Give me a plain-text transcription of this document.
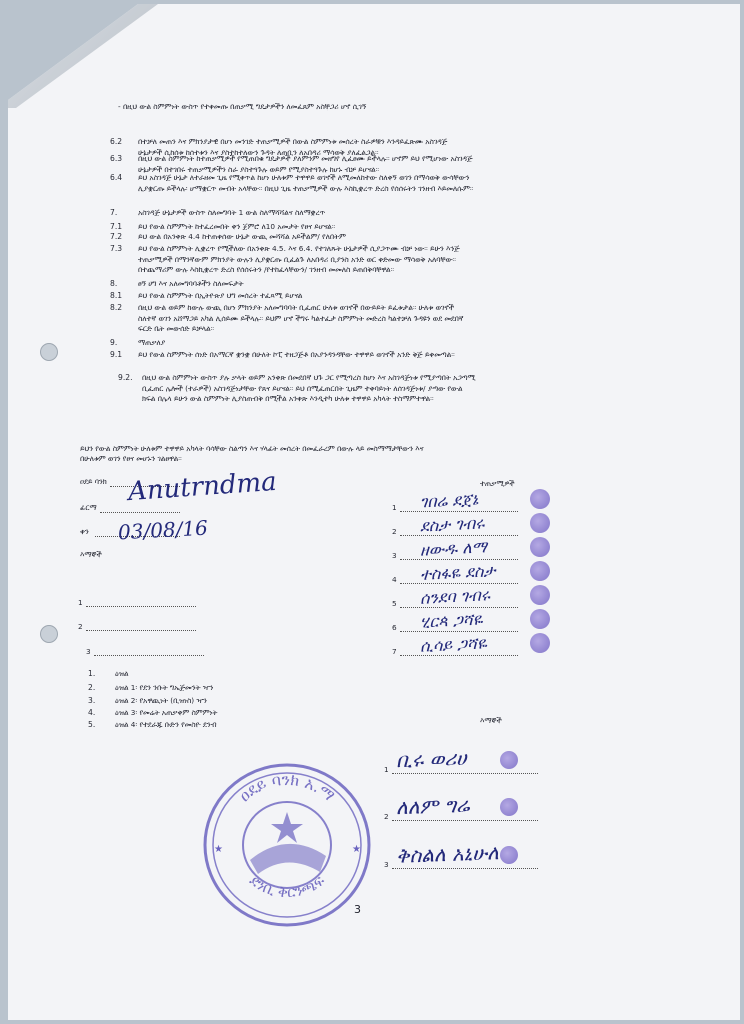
- በዚህ ውል ስምምነት ውስጥ የተቀመጡ በጠቃሚ ግዴታዎችን ለመፈጸም አስቸጋሪ ሆኖ ሲገኝ
6.2 በተቻለ መጠን እና ምክንያታዊ በሆነ መንገድ ተጠቃሚዎች በውል ስምምነቱ መሰረት ስራዎቹን እንዳይፈጽሙ አስገዳጅ
ሁኔታዎች ሲከሰቱ ከሰተቱን እና ያስተከተለውን ጉዳት ለጠቢን ለአበዳሪ ማሳወቅ ያለፈልጋል።
6.3 በዚህ ውል ስምምነት ከተጠቃሚዎች የሚጠበቁ ግዴታዎች ያለምንም መዘግየ ሊፈፀሙ ይችላሉ። ሆኖም ይህ የሚሆነው አስገዳጅ
ሁኔታዎች በተገበሩ ተጠቃሚዎችን ስራ ያስተጓጉሉ ወይም የሚያስተጓጉሉ ከሆኑ ብቻ ይሆናል።
6.4 ይህ አስገዳጅ ሁኔታ ለተራዘመ ጊዜ የሚቀጥል ከሆነ ሁለቱም ተዋዋይ ወገኖች ለሚመለከተው ስለቀኝ ወገን በማሳወቅ ውሳቸውን
ሊያቋርጡ ይችላሉ፡ ሆማቋርጥ መብት አላቸው። በዚህ ጊዜ ተጠቃሚዎች ውሉ እስኪቋረጥ ድረስ የሰሰሩትን ገንዘብ እይመለሱም።
7.	አስገዳጅ ሁኔታዎች ውስጥ ስለመግባት 1 ውል ስለማሻሻልና ስለማቋረጥ
7.1 ይህ የውል ስምምነት ከተፈረመበት ቀን ጀምሮ ለ10 አመታት የፀና ይሆናል።
7.2 ይህ ውል በአንቀጽ 4.4 ከተጠቀሰው ሁኔታ ውጪ መሻሻል አይችልም/ የለበትም
7.3 ይህ የውል ስምምነት ሊቋረጥ የሚችለው በአንቀጽ 4.5. እና 6.4. የተገለጹት ሁኔታዎች ሲያጋጥሙ ብቻ ነው። ይሁን እንጅ
ተጠቃሚዎች በማንኛውም ምክንያት ውሉን ሊያቋርጡ ቢፈልጉ ለአበዳሪ ቢያንስ አንድ ወር ቀድመው ማሳወቅ አለባቸው።
በተጨማሪም ውሉ እስኪቋረጥ ድረስ የሰሰሩትን /የተከፈላቸውን/ ገንዘብ መመለስ ይጠበቅባቸዋል።
8.	ፀኝ ሀግ እና አለመግባባቶችን ስለመፍታት
8.1 ይህ የውል ስምምነት በኢትዮጵያ ህግ መሰረት ተፈጻሚ ይሆናል
8.2 በዚህ ውል ወይም ከውሉ ውጪ በሆነ ምክንያት አለመግባባት ቢፈጠር ሁለቱ ወገኖች በውይይት ይፈቱታል። ሁለቱ ወገኖች
ስለተኛ ወገን አሸማጋይ አካል ሊሰይሙ ይችላሉ። ይህም ሆኖ ችግሩ ካልተፈታ ስምምነት መድረስ ካልተቻለ ጉዳዩን ወደ መደበኛ
ፍርድ ቤት መውሰድ ይቻላል።
9.	ማጠቃለያ
9.1 ይህ የውል ስምምነት ሰነድ በአማርኛ ቋንቋ በሁለት ኮፒ ተዘጋጅቶ በአያንዳንዳቸው ተዋዋይ ወገኖች አንድ ቅጅ ይቀመጣል።
9.2. በዚህ ውል ስምምነት ውስጥ ያሉ ቃላት ወይም አንቀጽ በመደበኛ ህጉ ጋር የሚጣረስ ከሆነ እና አስገዳጅነቱ የሚያጣበት አጋጣሚ
ቢፈጠር ሌሎች (ተራዎች) አስገዳጅነታቸው የጸና ይሆናል። ይህ በሚፈጠርበት ጊዜም ተቀባይነት ለሰገዳጅነቱ/ ያጣው የውል
ክፍል በሌላ ይሁን ውል ስምምነት ሊያስጠብቅ በሚችል አንቀጽ እንዲተካ ሁለቱ ተዋዋይ አካላት ተስማምተዋል።
ይህን የውል ስምምነት ሁለቱም ተዋዋይ አካላት ባሳቸው ስልጣን እና ሃላፊት መሰረት በመፈራረም በውሉ ላይ መስማማታቸውን እና
በሁለቱም ወገን የፀና መሆኑን ገልፀዋል።
ዐደይ ባንክ
ፊርማ
ቀን
Anutrndma
03/08/16
እማኞች
1
2
3
ተጠቃሚዎች
1 ገበሬ ደጀኔ
2 ደስታ ገብሩ
3 ዘውዱ ለማ
4 ተስፋዬ ደስታ
5 ሰንደባ ገብሩ
6 ሂርጳ ጋሻዬ
7 ሲሳይ ጋሻዬ
1.	ዕዝል
2.	ዕዝል 1፡ የደን ንቡት ግኤጅመንት ዣን
3.	ዕዝል 2፡ የአዋጪነት (ቢዝነስ) ዣን
4.	ዕዝል 3፡ የመሬት አጠቃቀም ስምምነት
5.	ዕዝል 4፡ የተደራጁ ቡድን የመስዮ ደንብ	እማኞች
1 ቢሩ ወሪሀ
2 ለለም ግሬ
3 ቅስልለ አኒሁለ
ዐደይ ባንክ አ.ማ
ደንቢ ቅርንጫፍ
★	★
3
